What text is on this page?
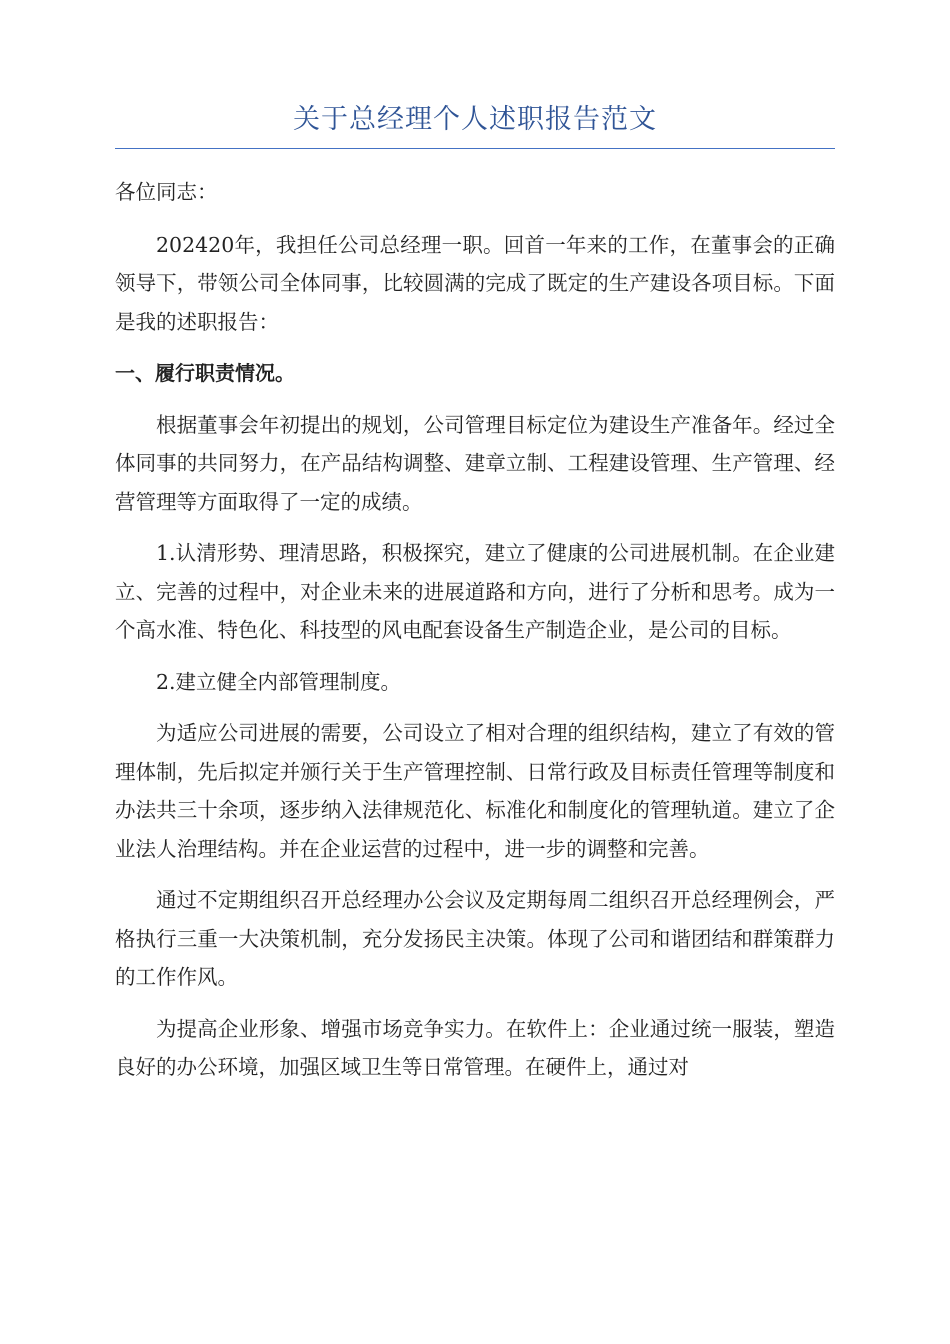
关于总经理个人述职报告范文

各位同志：

202420年，我担任公司总经理一职。回首一年来的工作，在董事会的正确领导下，带领公司全体同事，比较圆满的完成了既定的生产建设各项目标。下面是我的述职报告：

一、履行职责情况。

根据董事会年初提出的规划，公司管理目标定位为建设生产准备年。经过全体同事的共同努力，在产品结构调整、建章立制、工程建设管理、生产管理、经营管理等方面取得了一定的成绩。

1.认清形势、理清思路，积极探究，建立了健康的公司进展机制。在企业建立、完善的过程中，对企业未来的进展道路和方向，进行了分析和思考。成为一个高水准、特色化、科技型的风电配套设备生产制造企业，是公司的目标。

2.建立健全内部管理制度。

为适应公司进展的需要，公司设立了相对合理的组织结构，建立了有效的管理体制，先后拟定并颁行关于生产管理控制、日常行政及目标责任管理等制度和办法共三十余项，逐步纳入法律规范化、标准化和制度化的管理轨道。建立了企业法人治理结构。并在企业运营的过程中，进一步的调整和完善。

通过不定期组织召开总经理办公会议及定期每周二组织召开总经理例会，严格执行三重一大决策机制，充分发扬民主决策。体现了公司和谐团结和群策群力的工作作风。

为提高企业形象、增强市场竞争实力。在软件上：企业通过统一服装，塑造良好的办公环境，加强区域卫生等日常管理。在硬件上，通过对
